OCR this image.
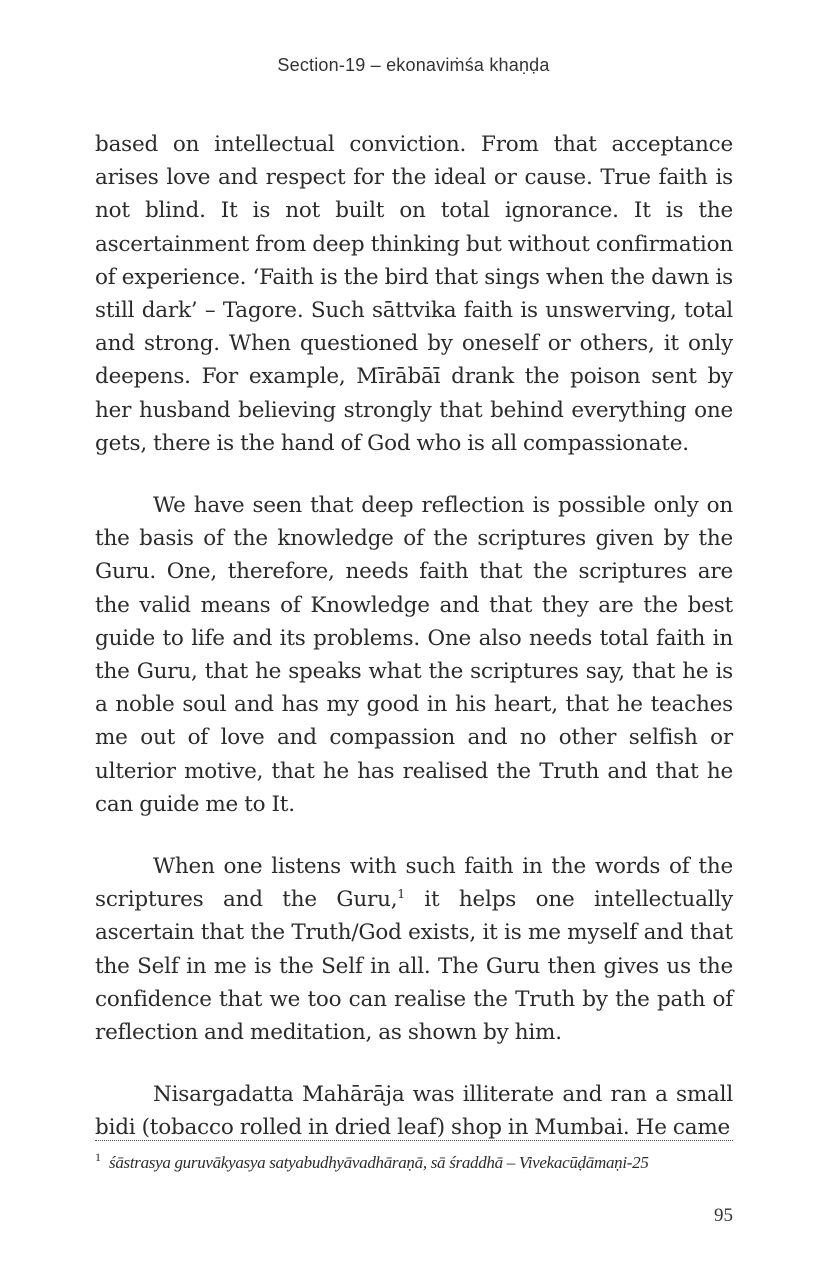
Section-19 – ekonaviṁśa khaṇḍa

based on intellectual conviction. From that acceptance arises love and respect for the ideal or cause. True faith is not blind. It is not built on total ignorance. It is the ascertainment from deep thinking but without confirmation of experience. ‘Faith is the bird that sings when the dawn is still dark’ – Tagore. Such sāttvika faith is unswerving, total and strong. When questioned by oneself or others, it only deepens. For example, Mīrābāī drank the poison sent by her husband believing strongly that behind everything one gets, there is the hand of God who is all compassionate.

We have seen that deep reflection is possible only on the basis of the knowledge of the scriptures given by the Guru. One, therefore, needs faith that the scriptures are the valid means of Knowledge and that they are the best guide to life and its problems. One also needs total faith in the Guru, that he speaks what the scriptures say, that he is a noble soul and has my good in his heart, that he teaches me out of love and compassion and no other selfish or ulterior motive, that he has realised the Truth and that he can guide me to It.

When one listens with such faith in the words of the scriptures and the Guru,$^1$ it helps one intellectually ascertain that the Truth/God exists, it is me myself and that the Self in me is the Self in all. The Guru then gives us the confidence that we too can realise the Truth by the path of reflection and meditation, as shown by him.

Nisargadatta Mahārāja was illiterate and ran a small bidi (tobacco rolled in dried leaf) shop in Mumbai. He came

$^1$ śāstrasya guruvākyasya satyabudhyāvadhāraṇā, sā śraddhā – Vivekacūḍāmaṇi-25
95
